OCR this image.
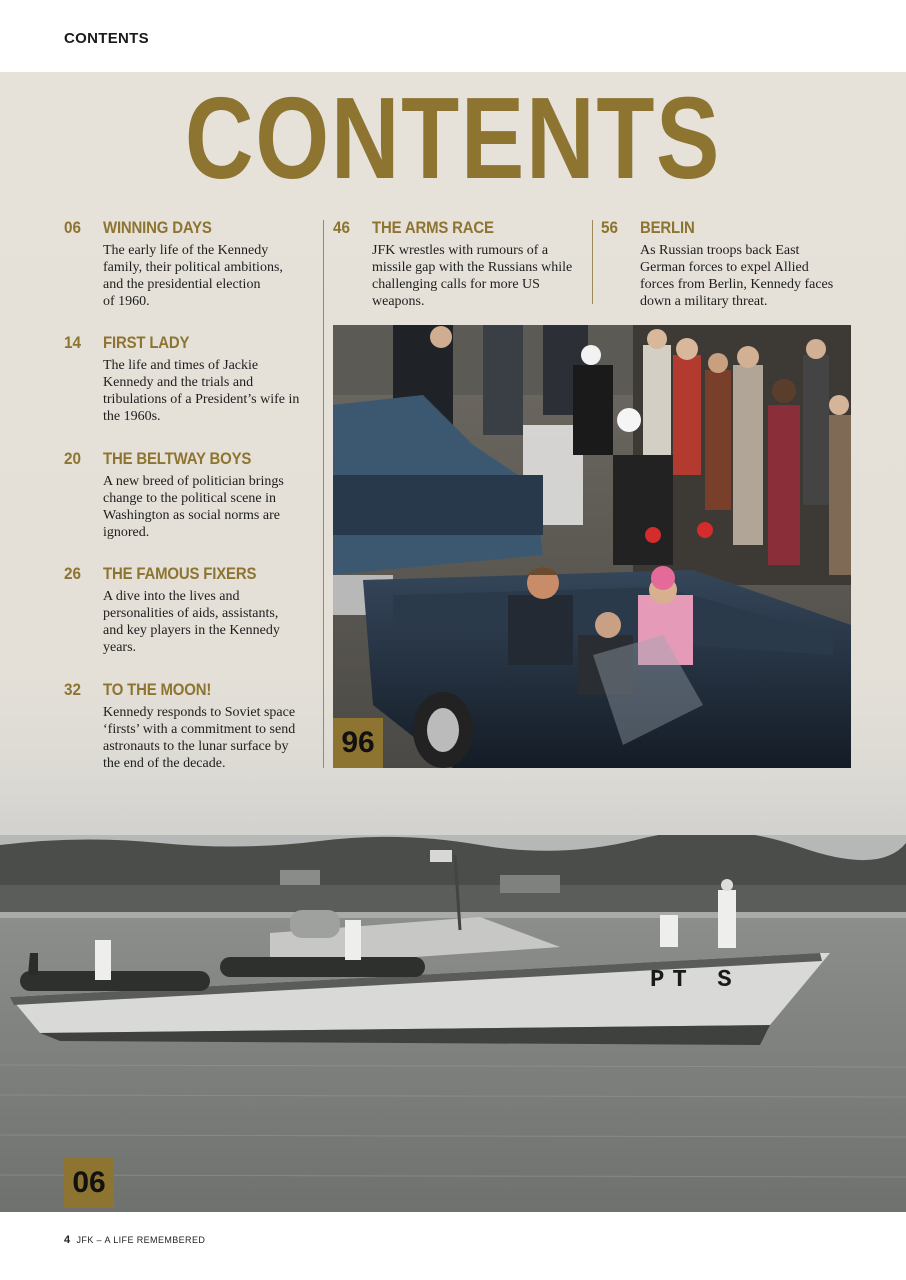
CONTENTS
CONTENTS
06 WINNING DAYS
The early life of the Kennedy
family, their political ambitions,
and the presidential election
of 1960.
14 FIRST LADY
The life and times of Jackie
Kennedy and the trials and
tribulations of a President’s wife in
the 1960s.
20 THE BELTWAY BOYS
A new breed of politician brings
change to the political scene in
Washington as social norms are
ignored.
26 THE FAMOUS FIXERS
A dive into the lives and
personalities of aids, assistants,
and key players in the Kennedy
years.
32 TO THE MOON!
Kennedy responds to Soviet space
‘firsts’ with a commitment to send
astronauts to the lunar surface by
the end of the decade.
46 THE ARMS RACE
JFK wrestles with rumours of a
missile gap with the Russians while
challenging calls for more US
weapons.
56 BERLIN
As Russian troops back East
German forces to expel Allied
forces from Berlin, Kennedy faces
down a military threat.
96
PT S
06
4 JFK – A LIFE REMEMBERED
